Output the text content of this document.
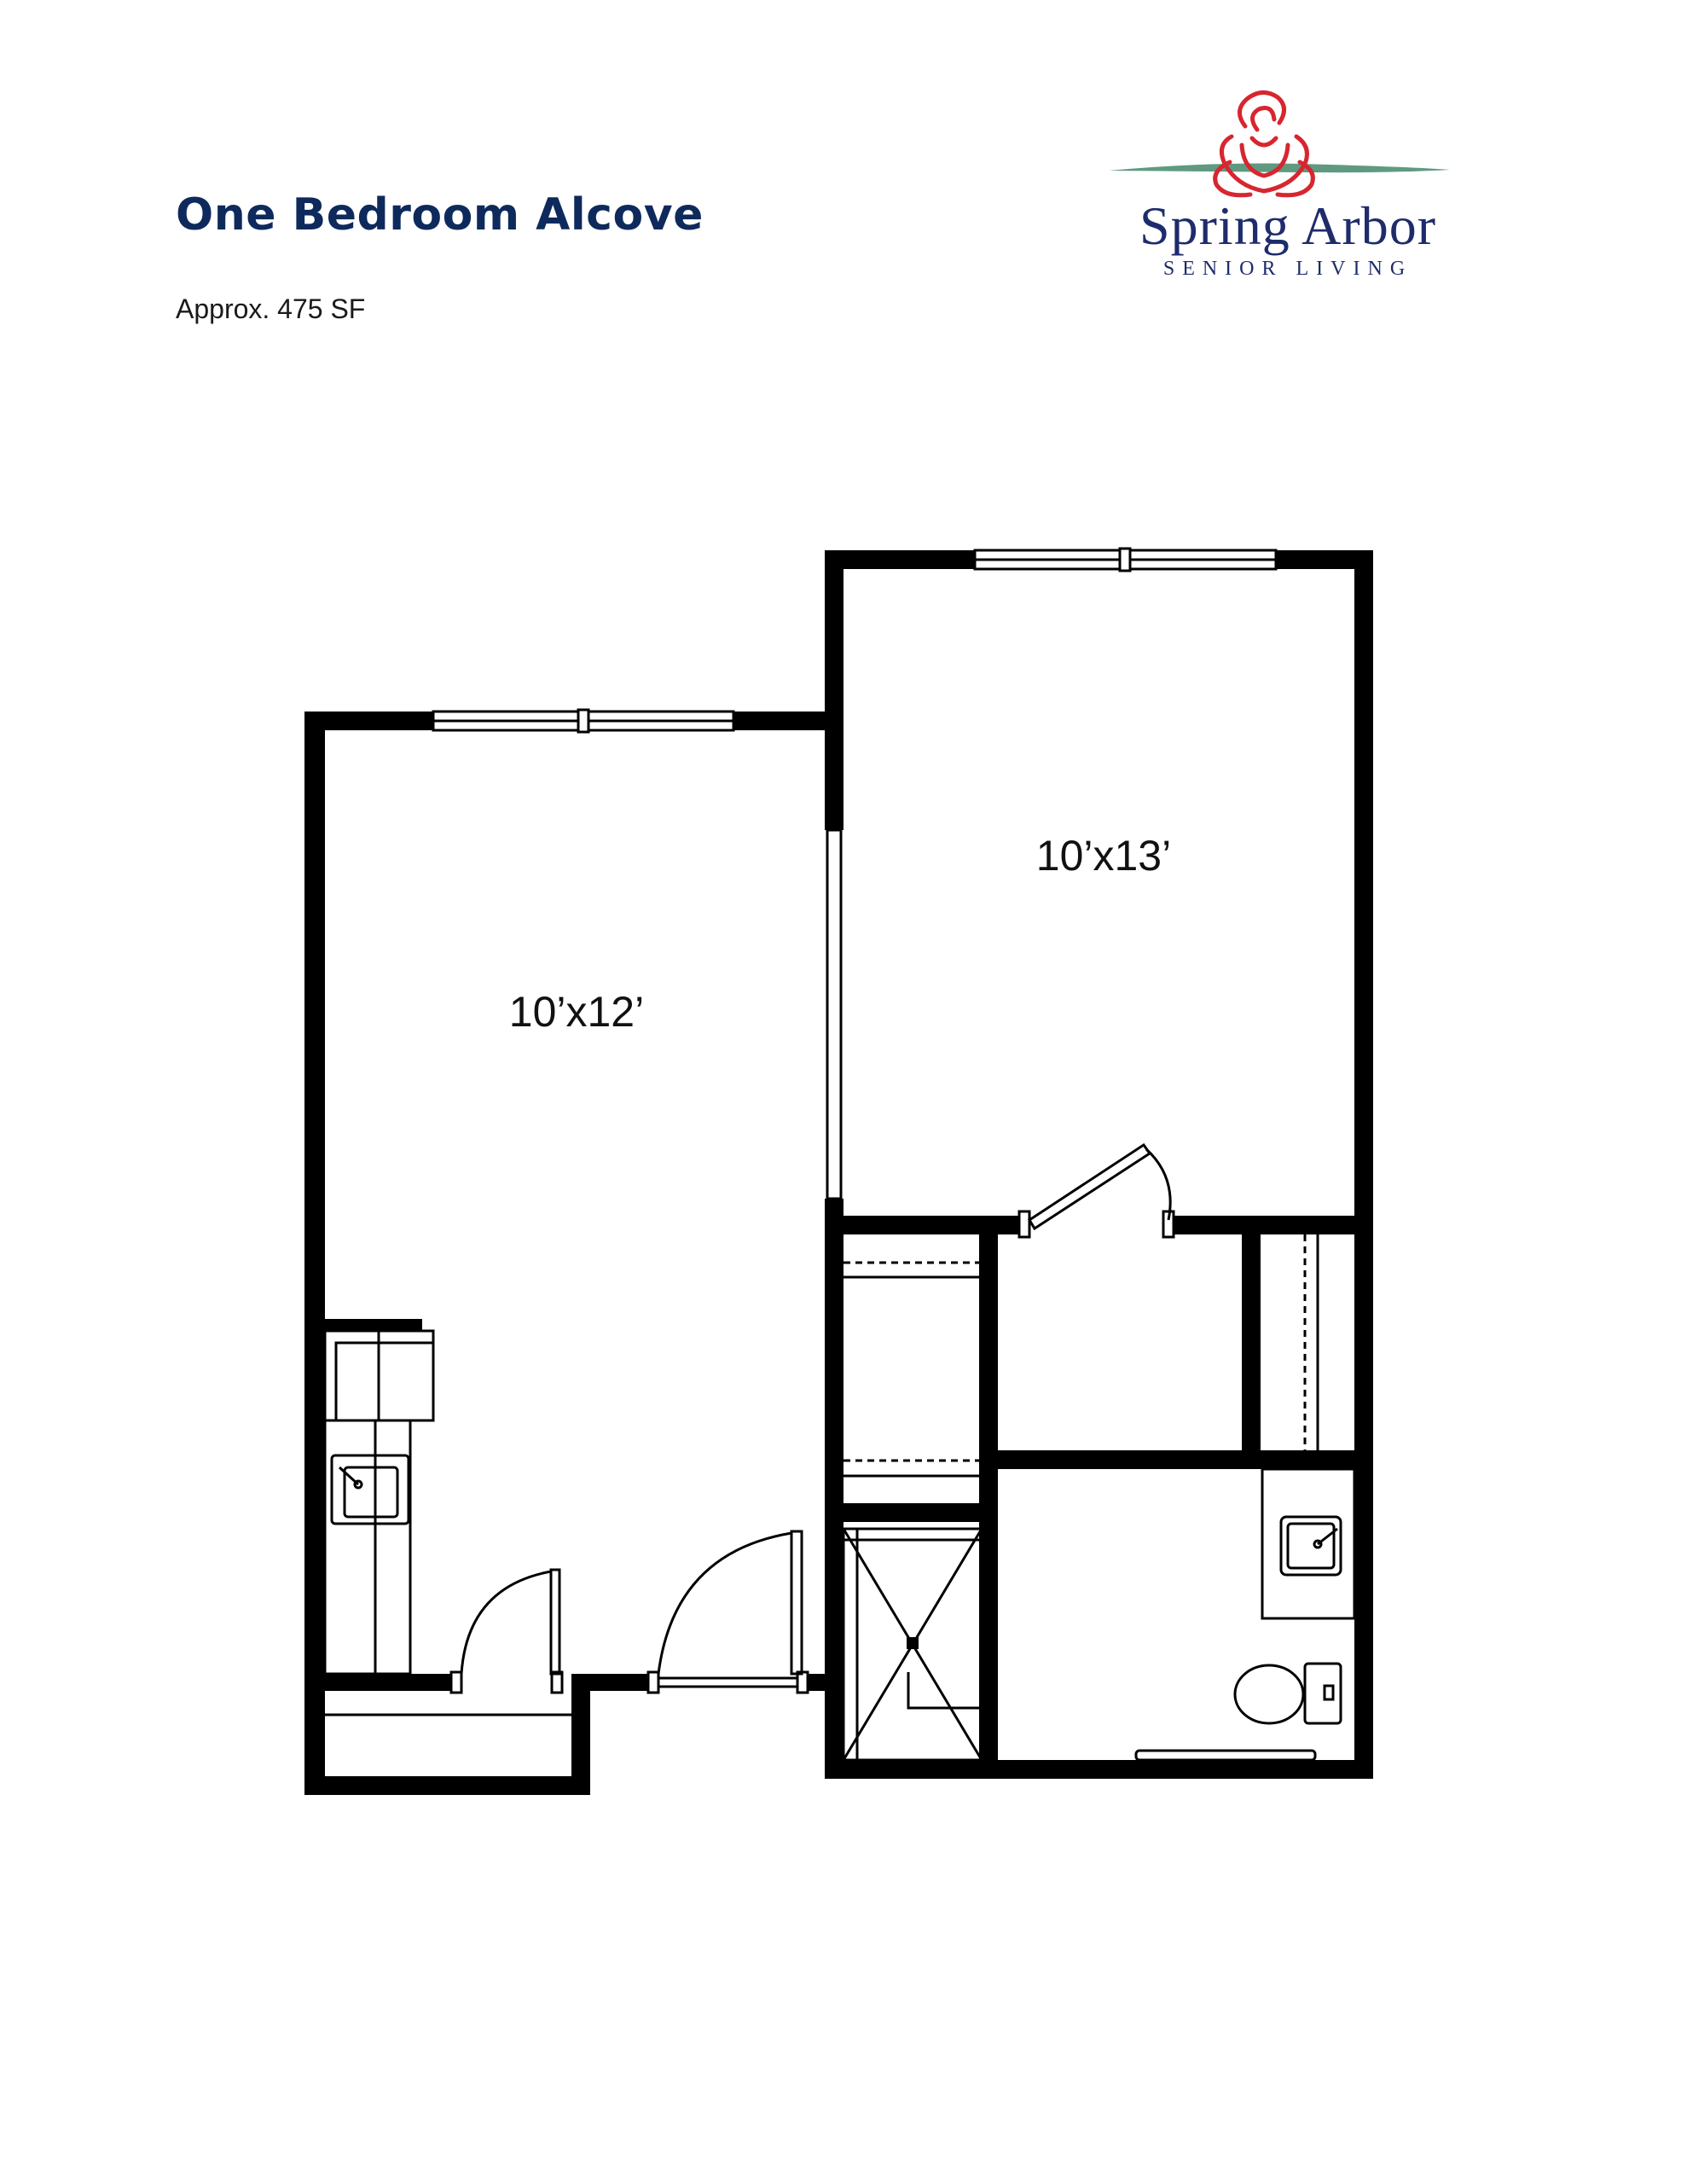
One Bedroom Alcove

Approx. 475 SF

Spring Arbor
SENIOR LIVING
10’x12’
10’x13’
